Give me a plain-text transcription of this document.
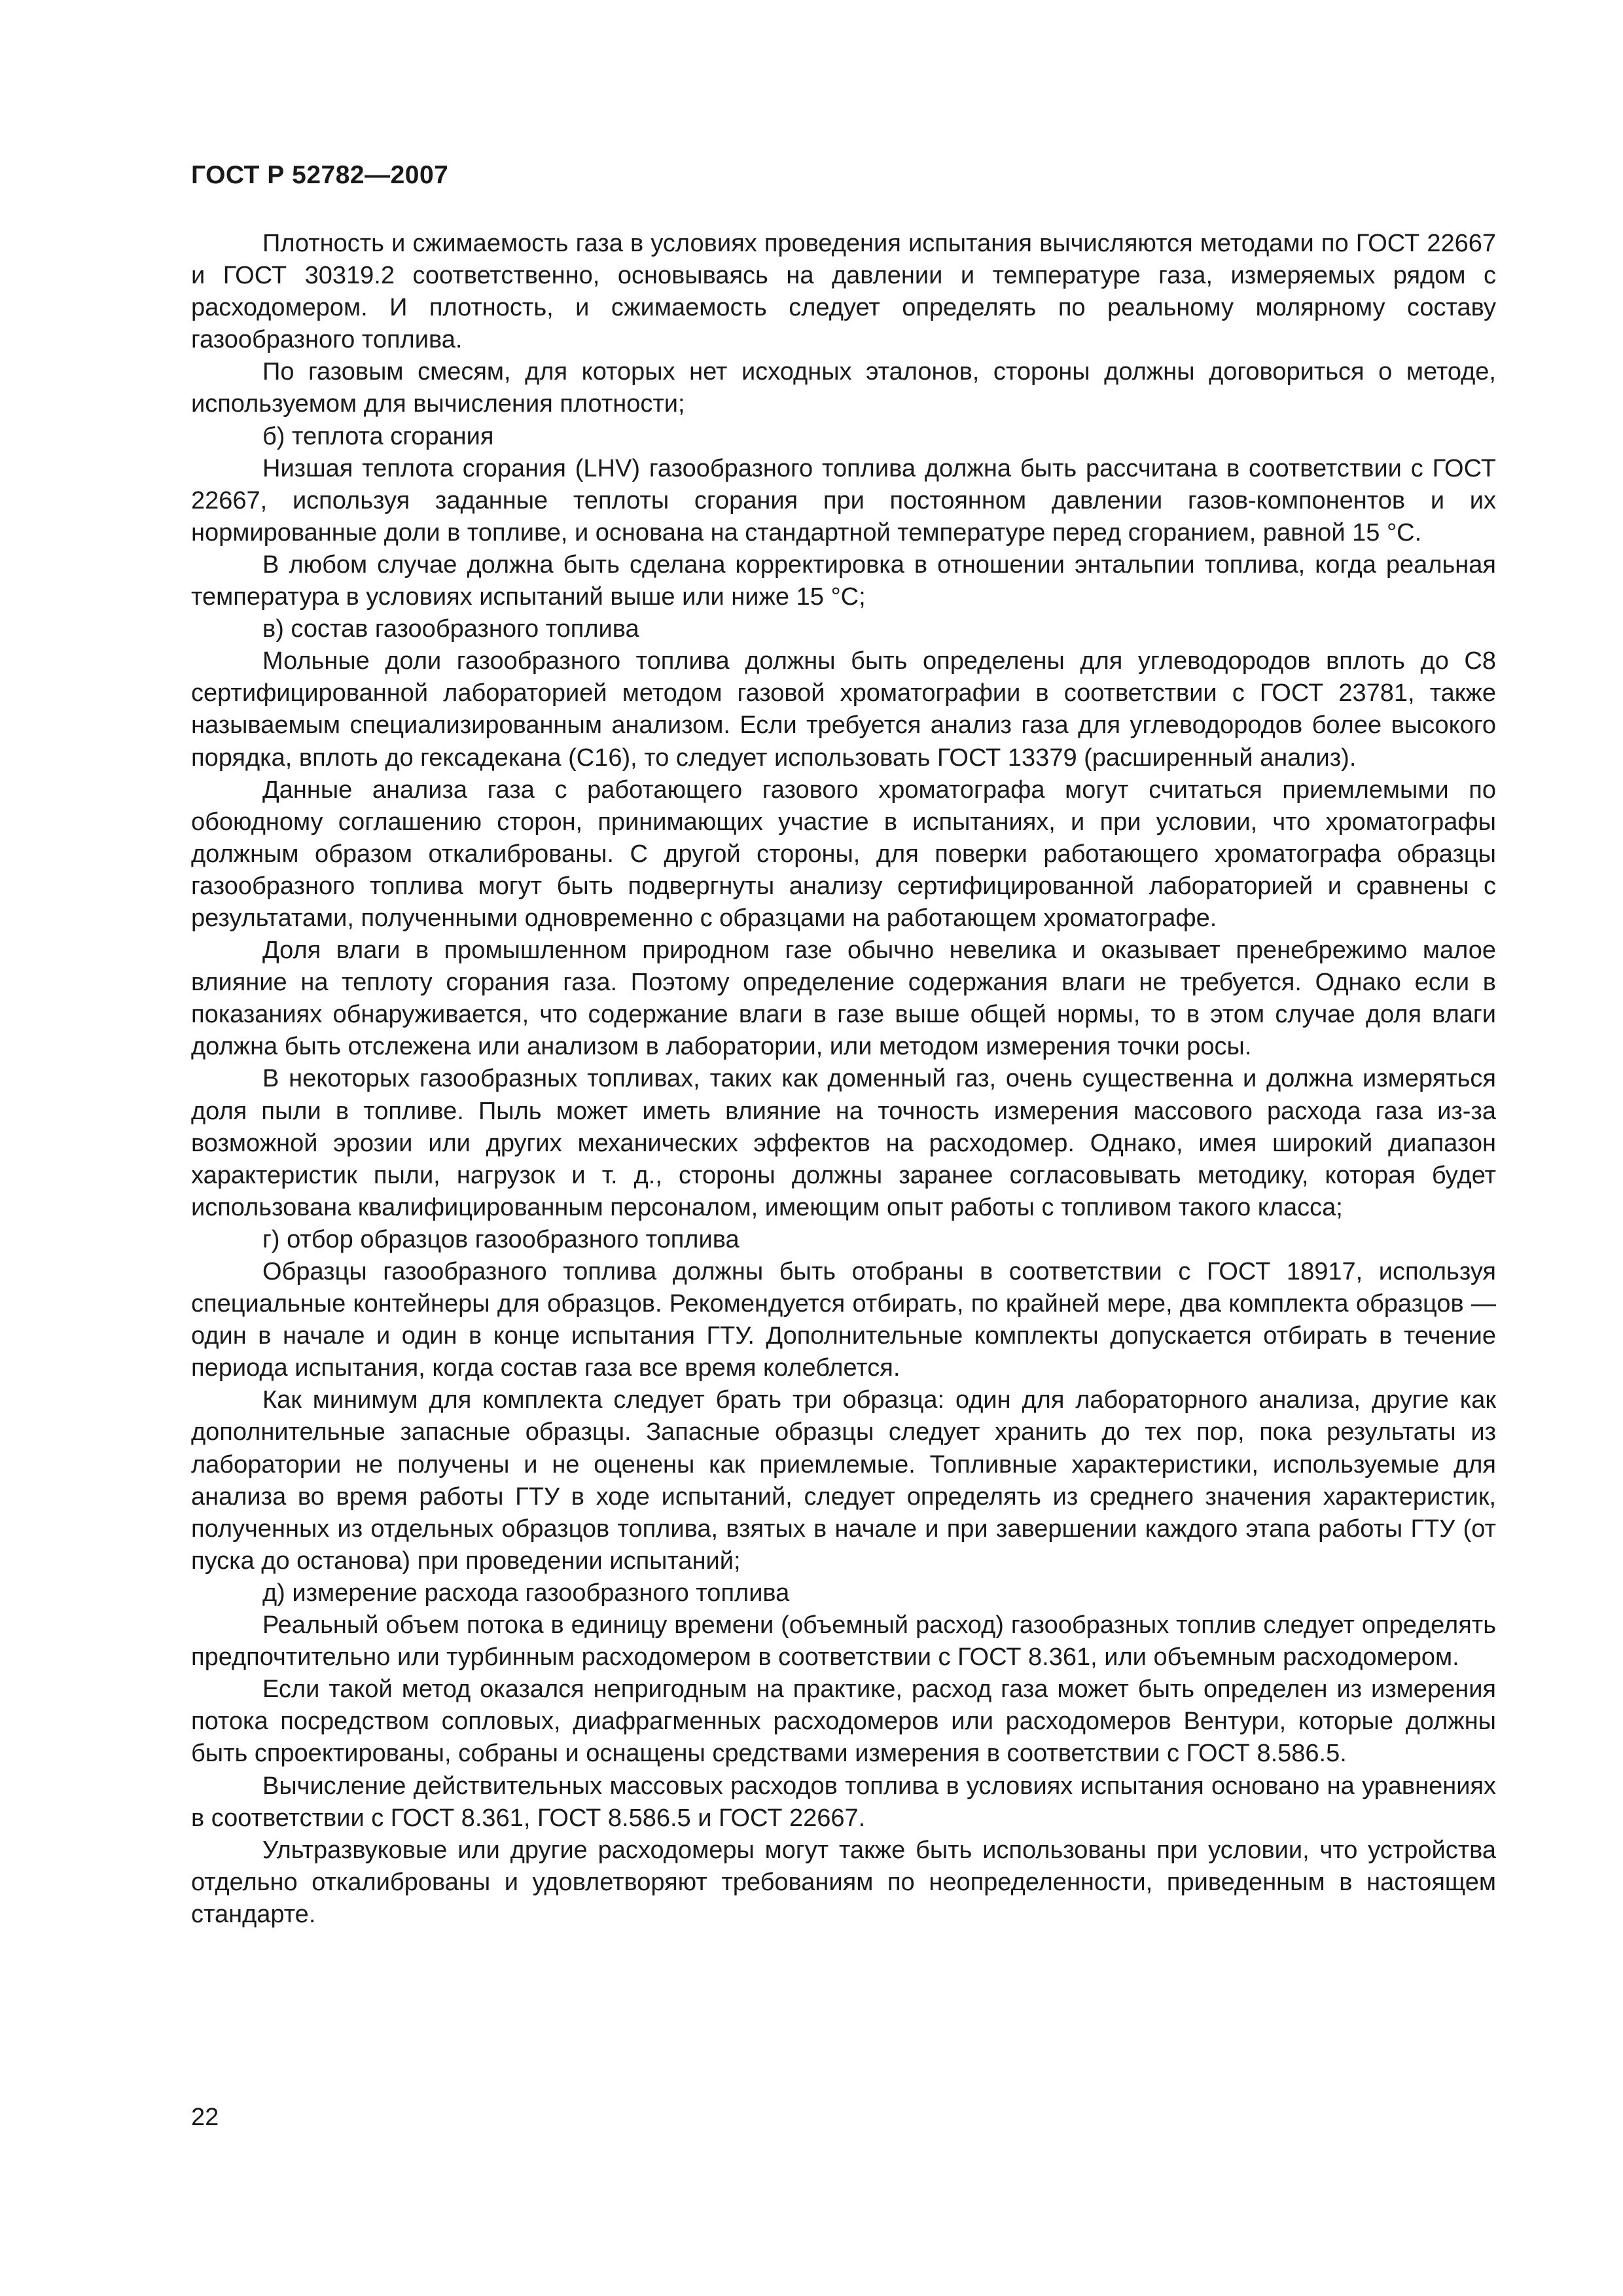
ГОСТ Р 52782—2007

Плотность и сжимаемость газа в условиях проведения испытания вычисляются методами по ГОСТ 22667 и ГОСТ 30319.2 соответственно, основываясь на давлении и температуре газа, измеряемых рядом с расходомером. И плотность, и сжимаемость следует определять по реальному молярному составу газообразного топлива.

По газовым смесям, для которых нет исходных эталонов, стороны должны договориться о методе, используемом для вычисления плотности;

б) теплота сгорания

Низшая теплота сгорания (LHV) газообразного топлива должна быть рассчитана в соответствии с ГОСТ 22667, используя заданные теплоты сгорания при постоянном давлении газов-компонентов и их нормированные доли в топливе, и основана на стандартной температуре перед сгоранием, равной 15 °C.

В любом случае должна быть сделана корректировка в отношении энтальпии топлива, когда реальная температура в условиях испытаний выше или ниже 15 °C;

в) состав газообразного топлива

Мольные доли газообразного топлива должны быть определены для углеводородов вплоть до C8 сертифицированной лабораторией методом газовой хроматографии в соответствии с ГОСТ 23781, также называемым специализированным анализом. Если требуется анализ газа для углеводородов более высокого порядка, вплоть до гексадекана (C16), то следует использовать ГОСТ 13379 (расширенный анализ).

Данные анализа газа с работающего газового хроматографа могут считаться приемлемыми по обоюдному соглашению сторон, принимающих участие в испытаниях, и при условии, что хроматографы должным образом откалиброваны. С другой стороны, для поверки работающего хроматографа образцы газообразного топлива могут быть подвергнуты анализу сертифицированной лабораторией и сравнены с результатами, полученными одновременно с образцами на работающем хроматографе.

Доля влаги в промышленном природном газе обычно невелика и оказывает пренебрежимо малое влияние на теплоту сгорания газа. Поэтому определение содержания влаги не требуется. Однако если в показаниях обнаруживается, что содержание влаги в газе выше общей нормы, то в этом случае доля влаги должна быть отслежена или анализом в лаборатории, или методом измерения точки росы.

В некоторых газообразных топливах, таких как доменный газ, очень существенна и должна измеряться доля пыли в топливе. Пыль может иметь влияние на точность измерения массового расхода газа из-за возможной эрозии или других механических эффектов на расходомер. Однако, имея широкий диапазон характеристик пыли, нагрузок и т. д., стороны должны заранее согласовывать методику, которая будет использована квалифицированным персоналом, имеющим опыт работы с топливом такого класса;

г) отбор образцов газообразного топлива

Образцы газообразного топлива должны быть отобраны в соответствии с ГОСТ 18917, используя специальные контейнеры для образцов. Рекомендуется отбирать, по крайней мере, два комплекта образцов — один в начале и один в конце испытания ГТУ. Дополнительные комплекты допускается отбирать в течение периода испытания, когда состав газа все время колеблется.

Как минимум для комплекта следует брать три образца: один для лабораторного анализа, другие как дополнительные запасные образцы. Запасные образцы следует хранить до тех пор, пока результаты из лаборатории не получены и не оценены как приемлемые. Топливные характеристики, используемые для анализа во время работы ГТУ в ходе испытаний, следует определять из среднего значения характеристик, полученных из отдельных образцов топлива, взятых в начале и при завершении каждого этапа работы ГТУ (от пуска до останова) при проведении испытаний;

д) измерение расхода газообразного топлива

Реальный объем потока в единицу времени (объемный расход) газообразных топлив следует определять предпочтительно или турбинным расходомером в соответствии с ГОСТ 8.361, или объемным расходомером.

Если такой метод оказался непригодным на практике, расход газа может быть определен из измерения потока посредством сопловых, диафрагменных расходомеров или расходомеров Вентури, которые должны быть спроектированы, собраны и оснащены средствами измерения в соответствии с ГОСТ 8.586.5.

Вычисление действительных массовых расходов топлива в условиях испытания основано на уравнениях в соответствии с ГОСТ 8.361, ГОСТ 8.586.5 и ГОСТ 22667.

Ультразвуковые или другие расходомеры могут также быть использованы при условии, что устройства отдельно откалиброваны и удовлетворяют требованиям по неопределенности, приведенным в настоящем стандарте.

22
